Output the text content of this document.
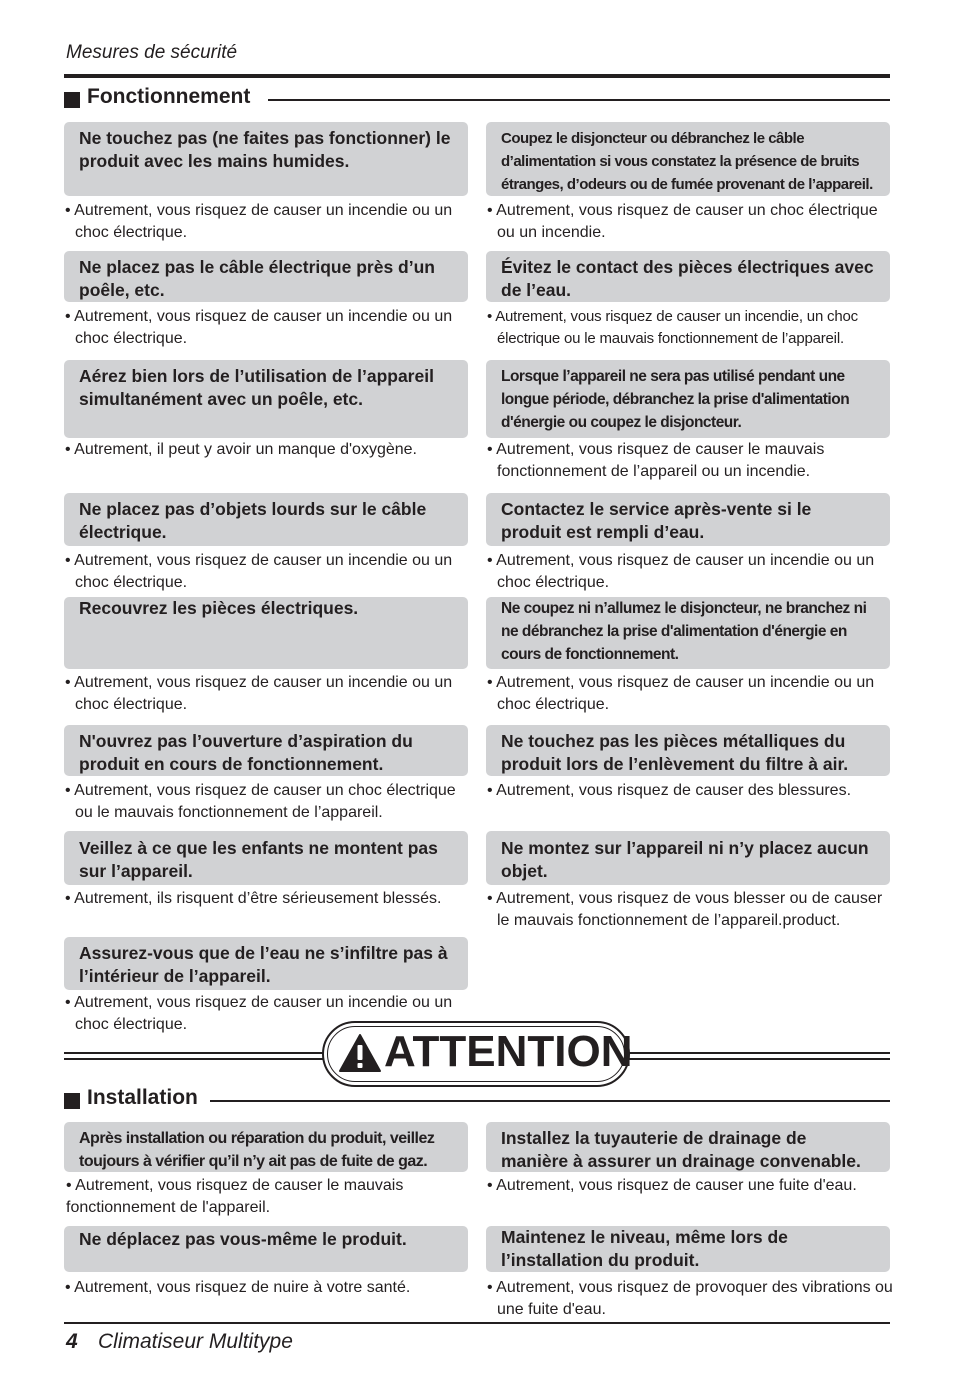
Mesures de sécurité
Fonctionnement
Ne touchez pas (ne faites pas fonctionner) le produit avec les mains humides.
Coupez le disjoncteur ou débranchez le câble d’alimentation si vous constatez la présence de bruits étranges, d’odeurs ou de fumée provenant de l’appareil.
• Autrement, vous risquez de causer un incendie ou un choc électrique.
• Autrement, vous risquez de causer un choc électrique ou un incendie.
Ne placez pas le câble électrique près d’un poêle, etc.
Évitez le contact des pièces électriques avec de l’eau.
• Autrement, vous risquez de causer un incendie ou un choc électrique.
• Autrement, vous risquez de causer un incendie, un choc électrique ou le mauvais fonctionnement de l’appareil.
Aérez bien lors de l’utilisation de l’appareil simultanément avec un poêle, etc.
Lorsque l’appareil ne sera pas utilisé pendant une longue période, débranchez la prise d'alimentation d'énergie ou coupez le disjoncteur.
• Autrement, il peut y avoir un manque d'oxygène.	• Autrement, vous risquez de causer le mauvais fonctionnement de l’appareil ou un incendie.
Ne placez pas d’objets lourds sur le câble électrique.
Contactez le service après-vente si le produit est rempli d’eau.
• Autrement, vous risquez de causer un incendie ou un choc électrique.
• Autrement, vous risquez de causer un incendie ou un choc électrique.
Recouvrez les pièces électriques.	Ne coupez ni n’allumez le disjoncteur, ne branchez ni ne débranchez la prise d'alimentation d'énergie en cours de fonctionnement.
• Autrement, vous risquez de causer un incendie ou un choc électrique.
• Autrement, vous risquez de causer un incendie ou un choc électrique.
N'ouvrez pas l’ouverture d’aspiration du produit en cours de fonctionnement.
Ne touchez pas les pièces métalliques du produit lors de l’enlèvement du filtre à air.
• Autrement, vous risquez de causer un choc électrique ou le mauvais fonctionnement de l’appareil.
• Autrement, vous risquez de causer des blessures.
Veillez à ce que les enfants ne montent pas sur l’appareil.
Ne montez sur l’appareil ni n’y placez aucun objet.
• Autrement, ils risquent d’être sérieusement blessés.	• Autrement, vous risquez de vous blesser ou de causer le mauvais fonctionnement de l’appareil.product.
Assurez-vous que de l’eau ne s’infiltre pas à l’intérieur de l’appareil.
• Autrement, vous risquez de causer un incendie ou un choc électrique.
ATTENTION
Installation
Après installation ou réparation du produit, veillez toujours à vérifier qu’il n’y ait pas de fuite de gaz.
Installez la tuyauterie de drainage de manière à assurer un drainage convenable.
• Autrement, vous risquez de causer le mauvais fonctionnement de l'appareil.
• Autrement, vous risquez de causer une fuite d'eau.
Ne déplacez pas vous-même le produit.	Maintenez le niveau, même lors de l’installation du produit.
• Autrement, vous risquez de nuire à votre santé.	• Autrement, vous risquez de provoquer des vibrations ou une fuite d'eau.
4 Climatiseur Multitype
